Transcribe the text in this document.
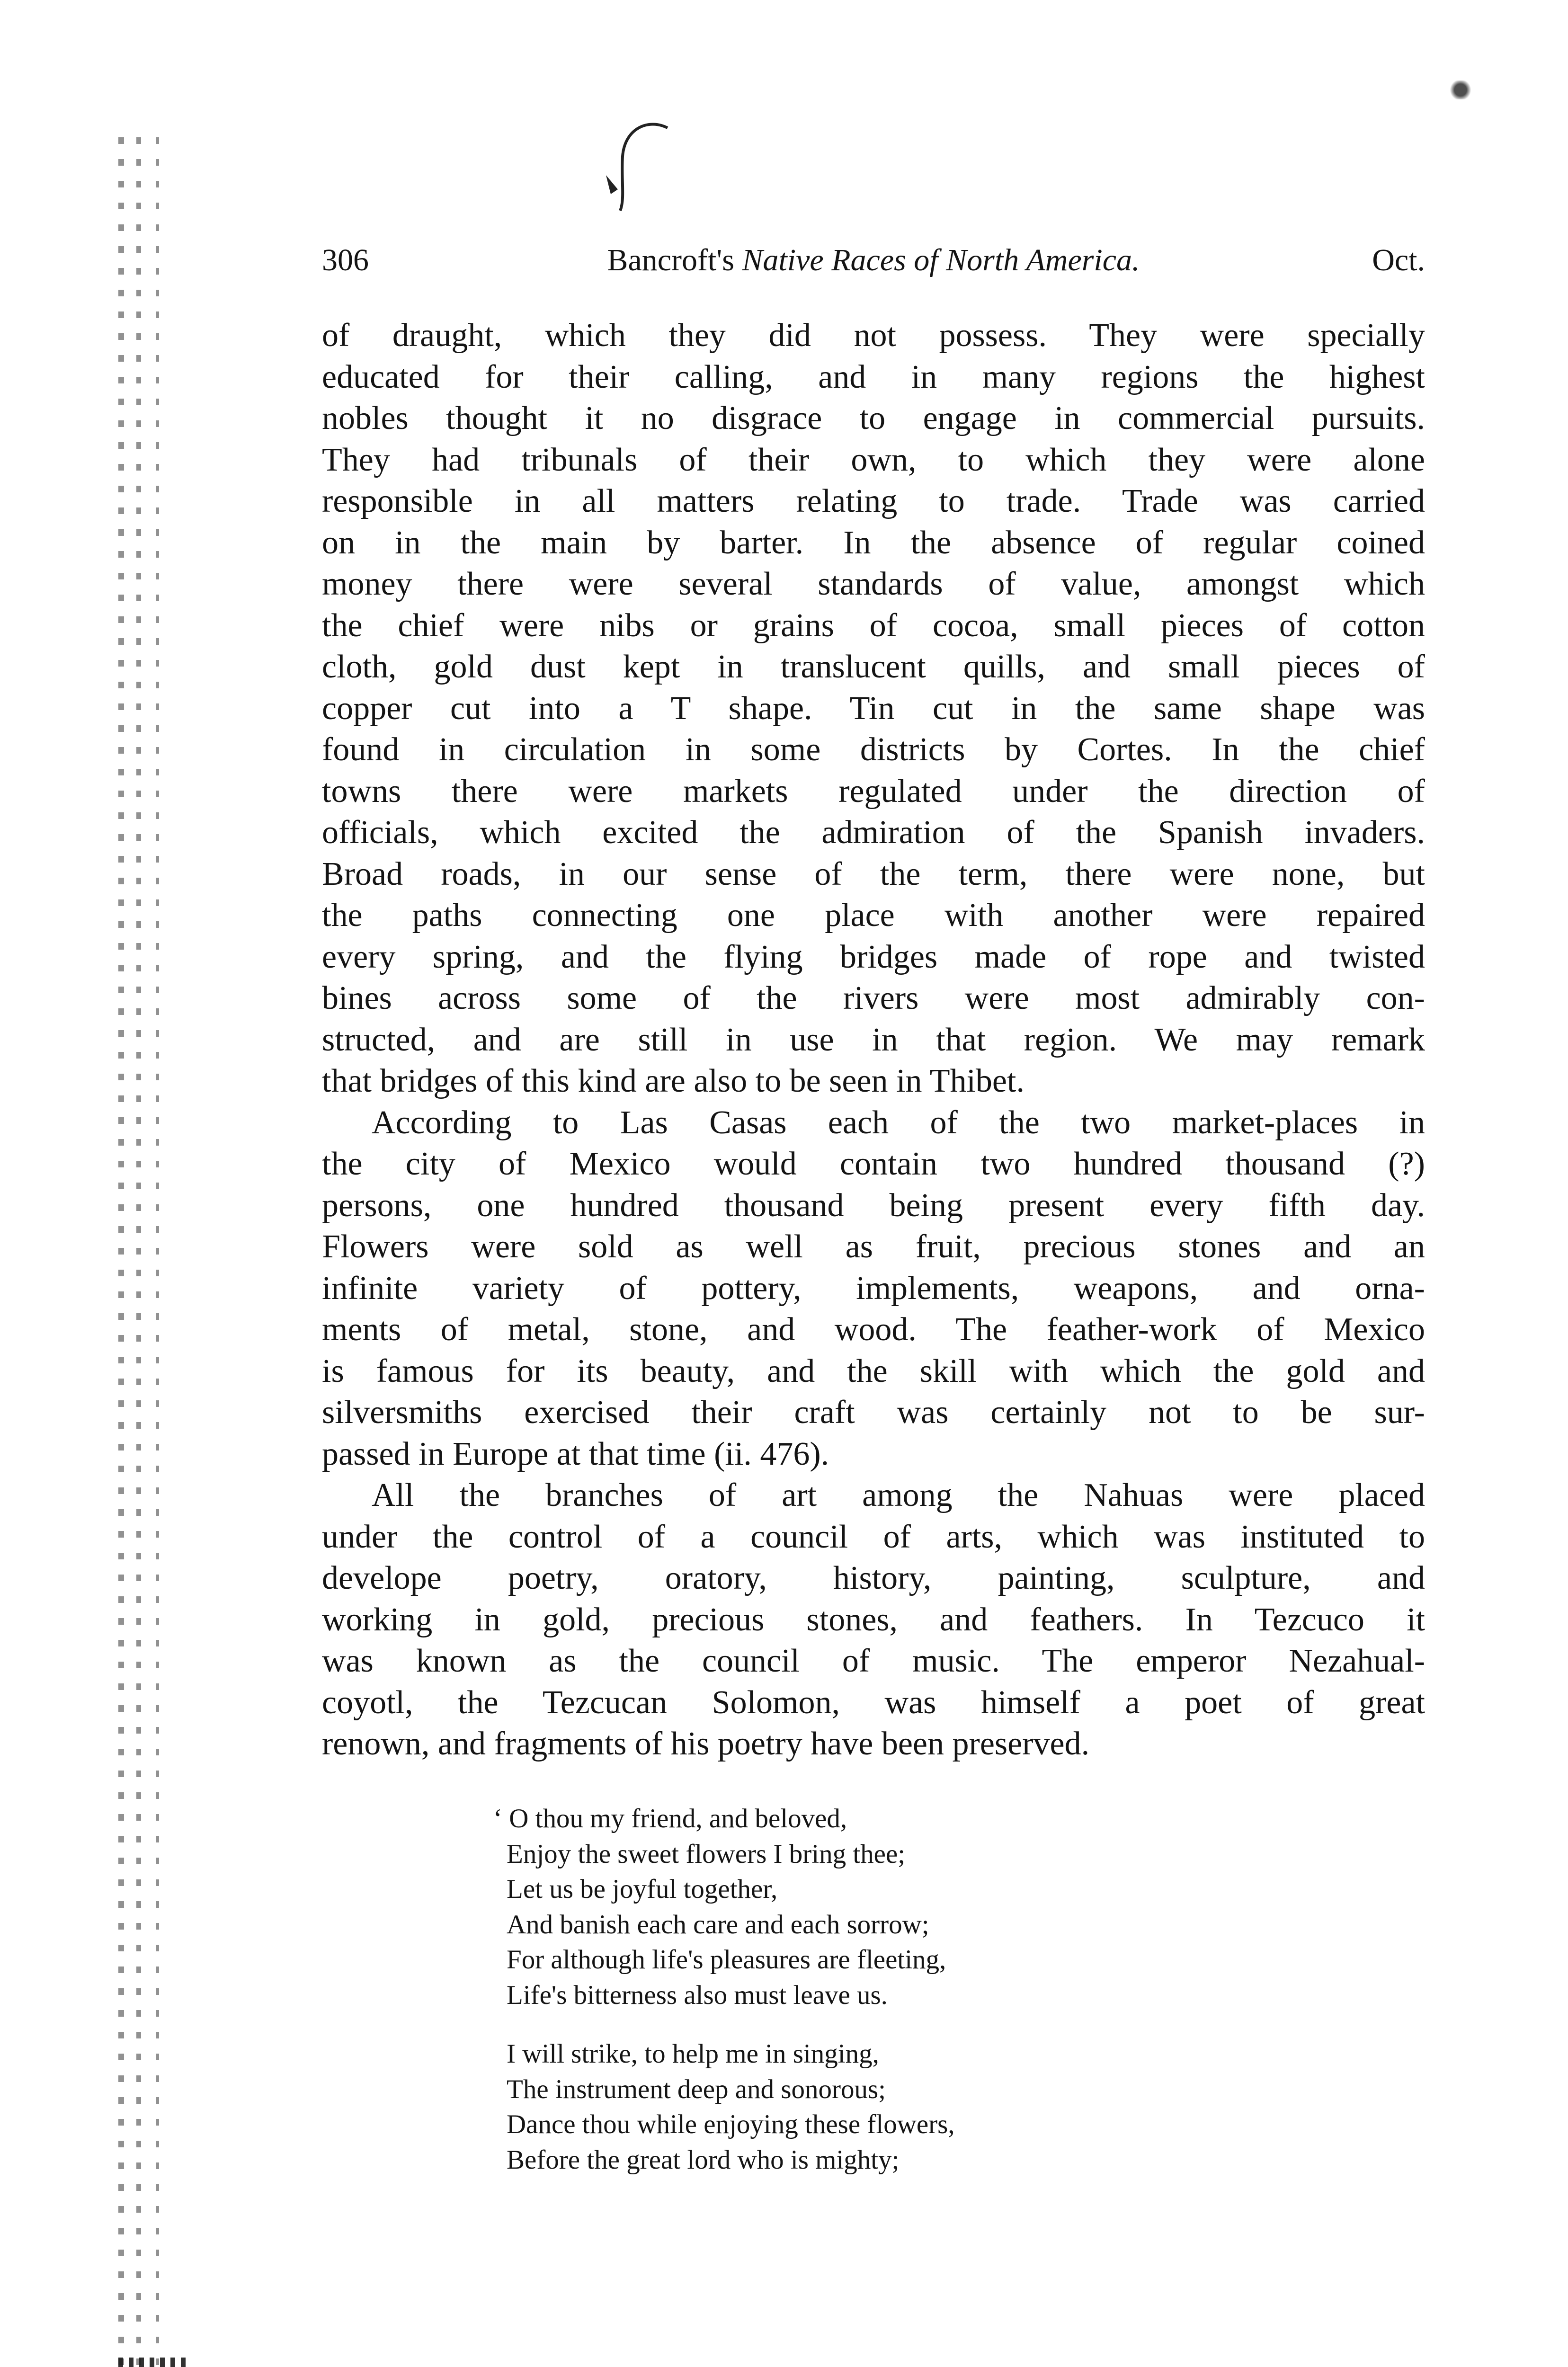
306	Bancroft's Native Races of North America.	Oct.
of draught, which they did not possess. They were specially
educated for their calling, and in many regions the highest
nobles thought it no disgrace to engage in commercial pursuits.
They had tribunals of their own, to which they were alone
responsible in all matters relating to trade. Trade was carried
on in the main by barter. In the absence of regular coined
money there were several standards of value, amongst which
the chief were nibs or grains of cocoa, small pieces of cotton
cloth, gold dust kept in translucent quills, and small pieces of
copper cut into a T shape. Tin cut in the same shape was
found in circulation in some districts by Cortes. In the chief
towns there were markets regulated under the direction of
officials, which excited the admiration of the Spanish invaders.
Broad roads, in our sense of the term, there were none, but
the paths connecting one place with another were repaired
every spring, and the flying bridges made of rope and twisted
bines across some of the rivers were most admirably con-
structed, and are still in use in that region. We may remark
that bridges of this kind are also to be seen in Thibet.
According to Las Casas each of the two market-places in
the city of Mexico would contain two hundred thousand (?)
persons, one hundred thousand being present every fifth day.
Flowers were sold as well as fruit, precious stones and an
infinite variety of pottery, implements, weapons, and orna-
ments of metal, stone, and wood. The feather-work of Mexico
is famous for its beauty, and the skill with which the gold and
silversmiths exercised their craft was certainly not to be sur-
passed in Europe at that time (ii. 476).
All the branches of art among the Nahuas were placed
under the control of a council of arts, which was instituted to
develope poetry, oratory, history, painting, sculpture, and
working in gold, precious stones, and feathers. In Tezcuco it
was known as the council of music. The emperor Nezahual-
coyotl, the Tezcucan Solomon, was himself a poet of great
renown, and fragments of his poetry have been preserved.
‘ O thou my friend, and beloved,
Enjoy the sweet flowers I bring thee;
Let us be joyful together,
And banish each care and each sorrow;
For although life's pleasures are fleeting,
Life's bitterness also must leave us.
I will strike, to help me in singing,
The instrument deep and sonorous;
Dance thou while enjoying these flowers,
Before the great lord who is mighty;
